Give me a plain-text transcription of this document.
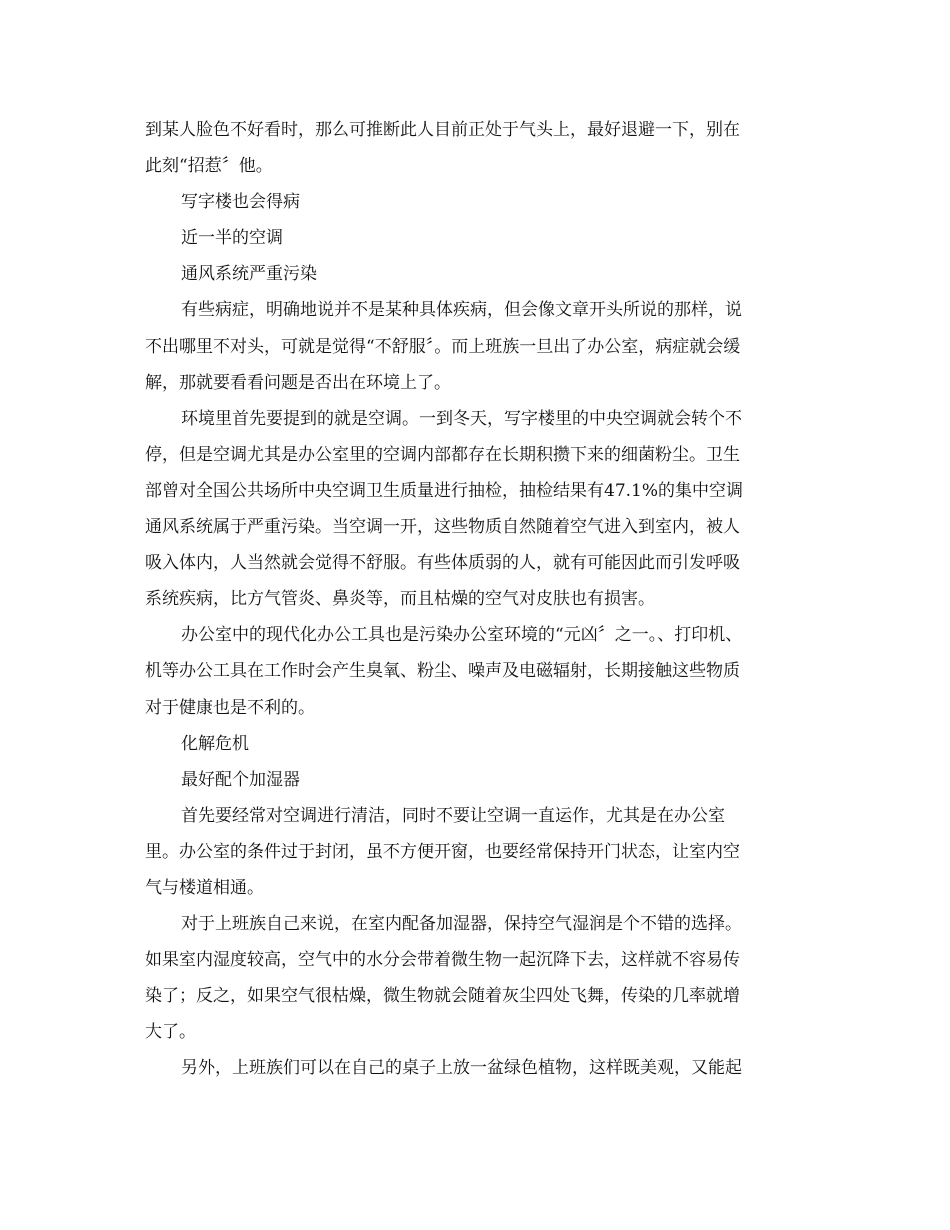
到某人脸色不好看时，那么可推断此人目前正处于气头上，最好退避一下，别在
此刻“招惹〞他。
写字楼也会得病
近一半的空调
通风系统严重污染
有些病症，明确地说并不是某种具体疾病，但会像文章开头所说的那样，说
不出哪里不对头，可就是觉得“不舒服〞。而上班族一旦出了办公室，病症就会缓
解，那就要看看问题是否出在环境上了。
环境里首先要提到的就是空调。一到冬天，写字楼里的中央空调就会转个不
停，但是空调尤其是办公室里的空调内部都存在长期积攒下来的细菌粉尘。卫生
部曾对全国公共场所中央空调卫生质量进行抽检，抽检结果有47.1%的集中空调
通风系统属于严重污染。当空调一开，这些物质自然随着空气进入到室内，被人
吸入体内，人当然就会觉得不舒服。有些体质弱的人，就有可能因此而引发呼吸
系统疾病，比方气管炎、鼻炎等，而且枯燥的空气对皮肤也有损害。
办公室中的现代化办公工具也是污染办公室环境的“元凶〞之一。、打印机、
机等办公工具在工作时会产生臭氧、粉尘、噪声及电磁辐射，长期接触这些物质
对于健康也是不利的。
化解危机
最好配个加湿器
首先要经常对空调进行清洁，同时不要让空调一直运作，尤其是在办公室
里。办公室的条件过于封闭，虽不方便开窗，也要经常保持开门状态，让室内空
气与楼道相通。
对于上班族自己来说，在室内配备加湿器，保持空气湿润是个不错的选择。
如果室内湿度较高，空气中的水分会带着微生物一起沉降下去，这样就不容易传
染了；反之，如果空气很枯燥，微生物就会随着灰尘四处飞舞，传染的几率就增
大了。
另外，上班族们可以在自己的桌子上放一盆绿色植物，这样既美观，又能起
